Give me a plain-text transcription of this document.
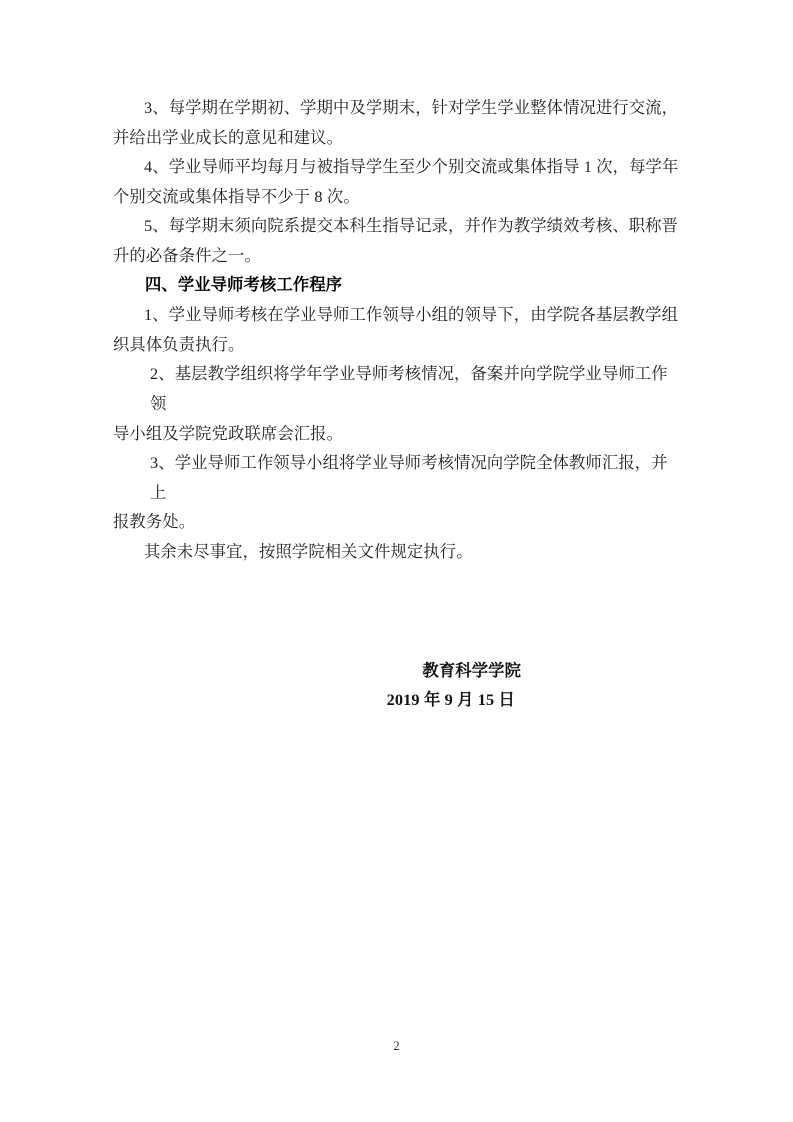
3、每学期在学期初、学期中及学期末，针对学生学业整体情况进行交流，
并给出学业成长的意见和建议。

4、学业导师平均每月与被指导学生至少个别交流或集体指导 1 次，每学年
个别交流或集体指导不少于 8 次。

5、每学期末须向院系提交本科生指导记录，并作为教学绩效考核、职称晋
升的必备条件之一。

四、学业导师考核工作程序

1、学业导师考核在学业导师工作领导小组的领导下，由学院各基层教学组
织具体负责执行。

2、基层教学组织将学年学业导师考核情况，备案并向学院学业导师工作领
导小组及学院党政联席会汇报。

3、学业导师工作领导小组将学业导师考核情况向学院全体教师汇报，并上
报教务处。

其余未尽事宜，按照学院相关文件规定执行。

教育科学学院
2019 年 9 月 15 日
2
